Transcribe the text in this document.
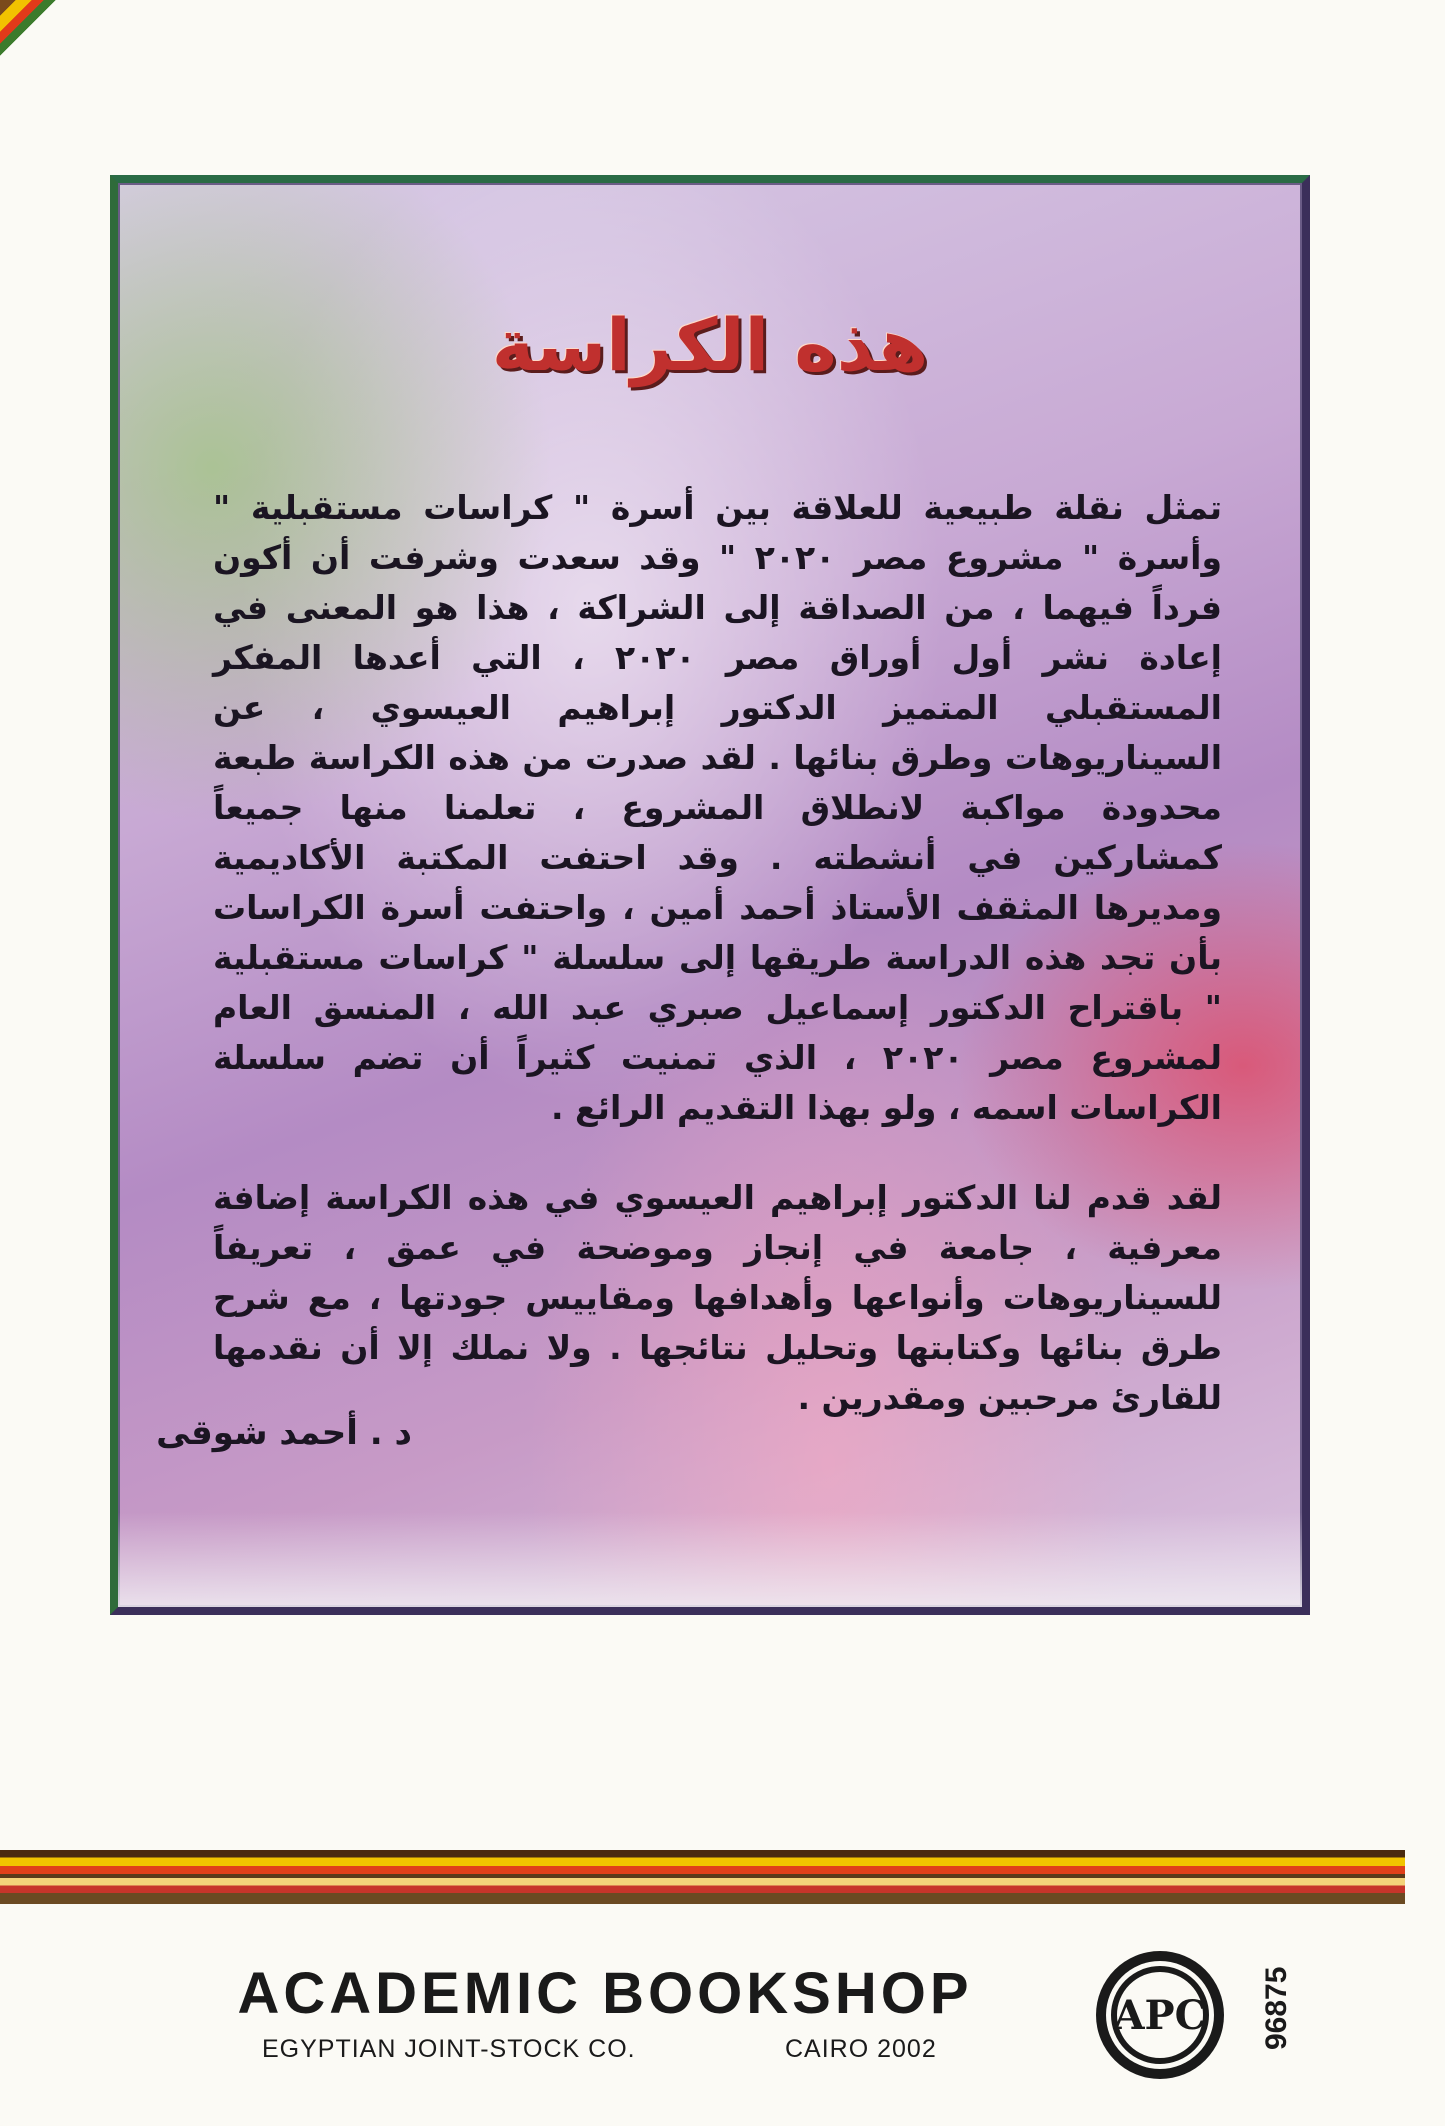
هذه الكراسة

تمثل نقلة طبيعية للعلاقة بين أسرة " كراسات مستقبلية " وأسرة " مشروع مصر ٢٠٢٠ " وقد سعدت وشرفت أن أكون فرداً فيهما ، من الصداقة إلى الشراكة ، هذا هو المعنى في إعادة نشر أول أوراق مصر ٢٠٢٠ ، التي أعدها المفكر المستقبلي المتميز الدكتور إبراهيم العيسوي ، عن السيناريوهات وطرق بنائها . لقد صدرت من هذه الكراسة طبعة محدودة مواكبة لانطلاق المشروع ، تعلمنا منها جميعاً كمشاركين في أنشطته . وقد احتفت المكتبة الأكاديمية ومديرها المثقف الأستاذ أحمد أمين ، واحتفت أسرة الكراسات بأن تجد هذه الدراسة طريقها إلى سلسلة " كراسات مستقبلية " باقتراح الدكتور إسماعيل صبري عبد الله ، المنسق العام لمشروع مصر ٢٠٢٠ ، الذي تمنيت كثيراً أن تضم سلسلة الكراسات اسمه ، ولو بهذا التقديم الرائع .

لقد قدم لنا الدكتور إبراهيم العيسوي في هذه الكراسة إضافة معرفية ، جامعة في إنجاز وموضحة في عمق ، تعريفاً للسيناريوهات وأنواعها وأهدافها ومقاييس جودتها ، مع شرح طرق بنائها وكتابتها وتحليل نتائجها . ولا نملك إلا أن نقدمها للقارئ مرحبين ومقدرين .

د . أحمد شوقى
ACADEMIC BOOKSHOP
EGYPTIAN JOINT-STOCK CO.	CAIRO 2002
APC 96875
